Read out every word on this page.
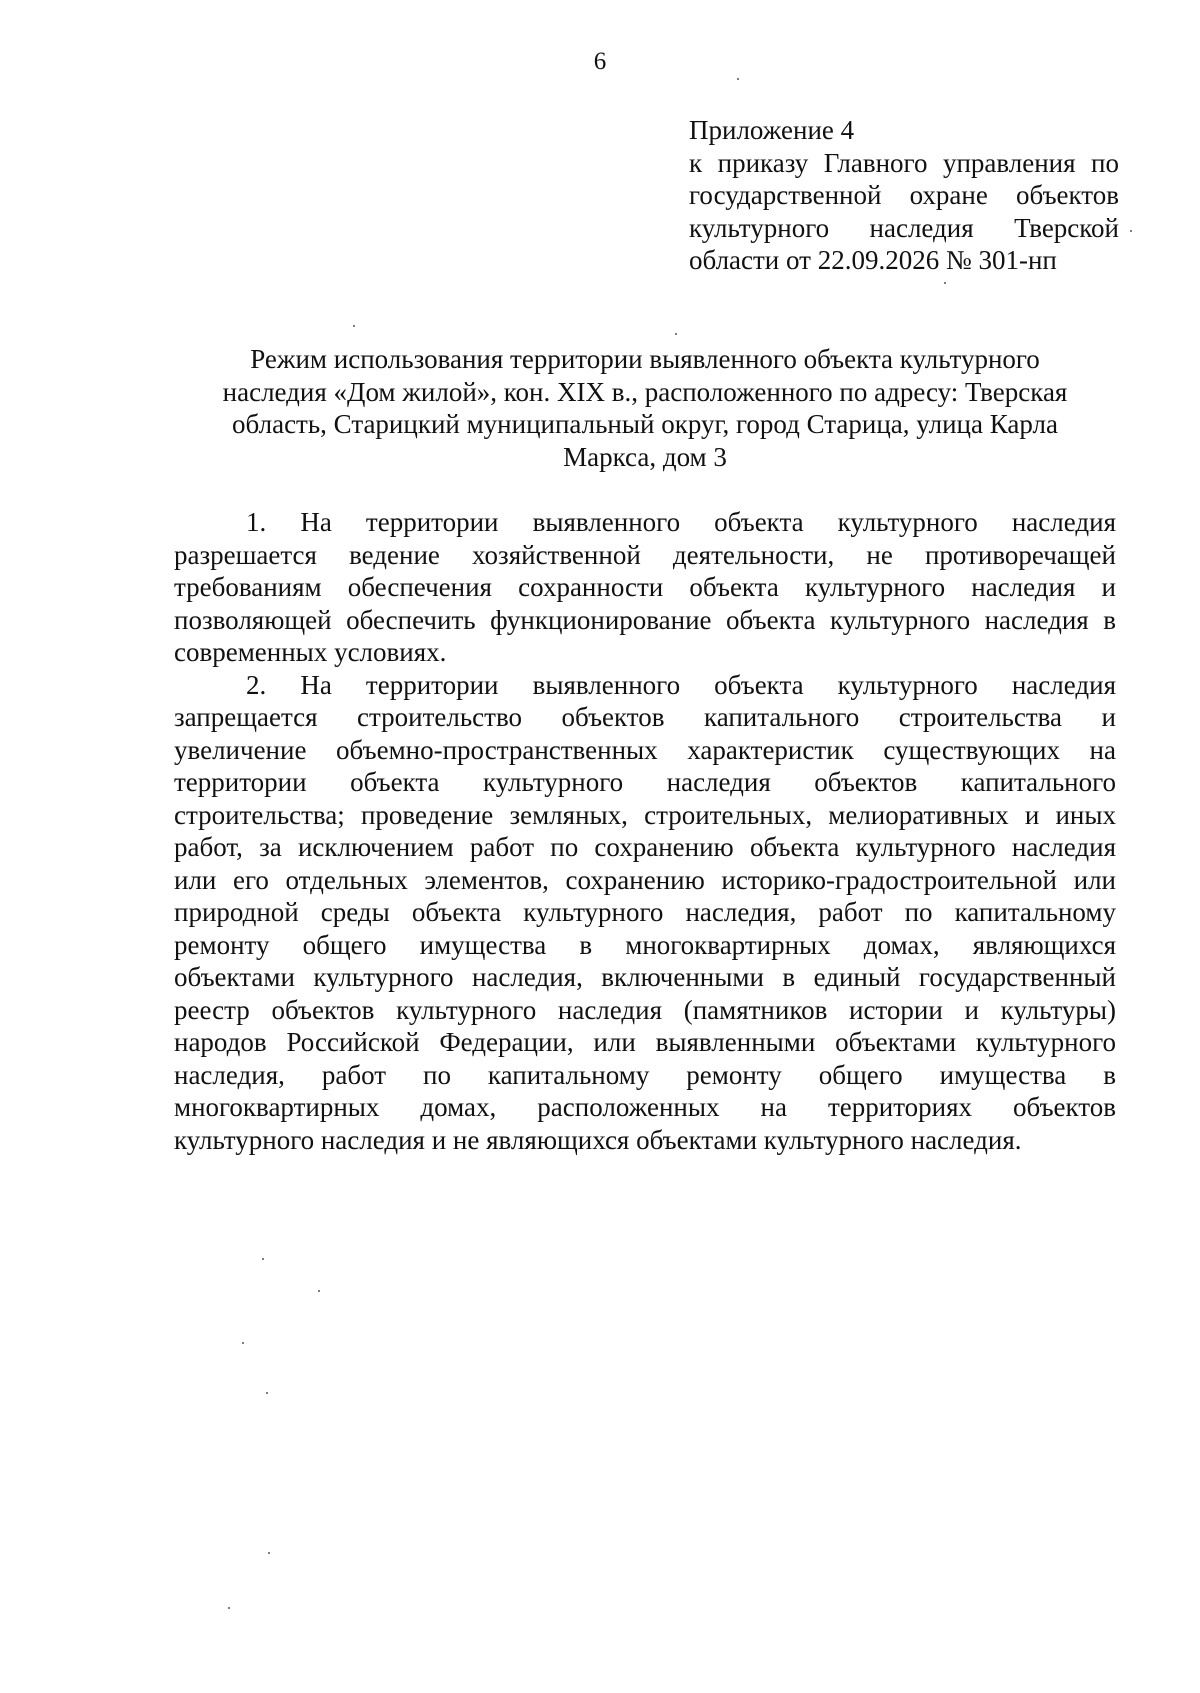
6
Приложение 4
к приказу Главного управления по
государственной охране объектов
культурного наследия Тверской
области от 22.09.2026 № 301-нп
Режим использования территории выявленного объекта культурного
наследия «Дом жилой», кон. XIX в., расположенного по адресу: Тверская
область, Старицкий муниципальный округ, город Старица, улица Карла
Маркса, дом 3
1. На территории выявленного объекта культурного наследия
разрешается ведение хозяйственной деятельности, не противоречащей
требованиям обеспечения сохранности объекта культурного наследия и
позволяющей обеспечить функционирование объекта культурного наследия в
современных условиях.
2. На территории выявленного объекта культурного наследия
запрещается строительство объектов капитального строительства и
увеличение объемно-пространственных характеристик существующих на
территории объекта культурного наследия объектов капитального
строительства; проведение земляных, строительных, мелиоративных и иных
работ, за исключением работ по сохранению объекта культурного наследия
или его отдельных элементов, сохранению историко-градостроительной или
природной среды объекта культурного наследия, работ по капитальному
ремонту общего имущества в многоквартирных домах, являющихся
объектами культурного наследия, включенными в единый государственный
реестр объектов культурного наследия (памятников истории и культуры)
народов Российской Федерации, или выявленными объектами культурного
наследия, работ по капитальному ремонту общего имущества в
многоквартирных домах, расположенных на территориях объектов
культурного наследия и не являющихся объектами культурного наследия.
